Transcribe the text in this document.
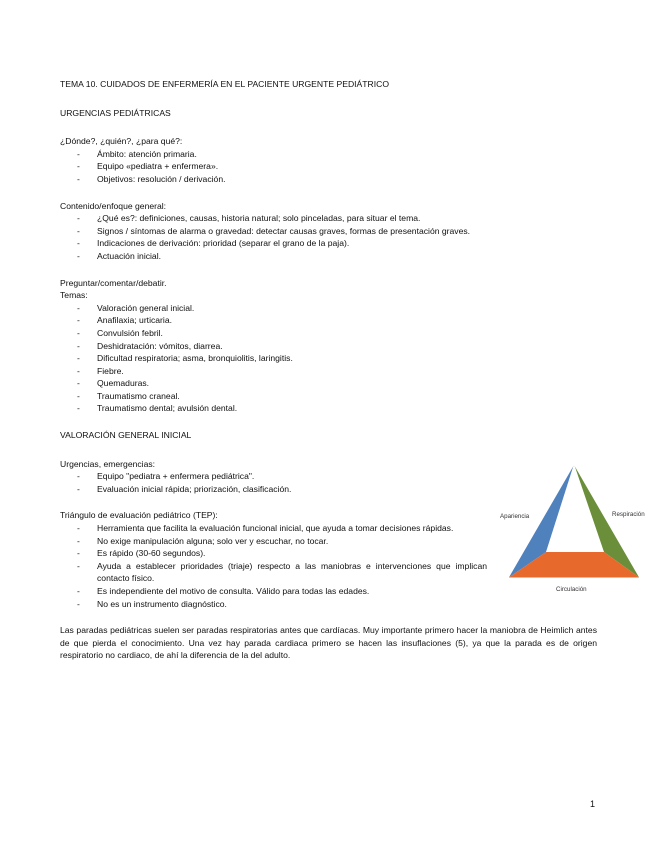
TEMA 10. CUIDADOS DE ENFERMERÍA EN EL PACIENTE URGENTE PEDIÁTRICO
URGENCIAS PEDIÁTRICAS
¿Dónde?, ¿quién?, ¿para qué?:
- Ámbito: atención primaria.
- Equipo «pediatra + enfermera».
- Objetivos: resolución / derivación.
Contenido/enfoque general:
- ¿Qué es?: definiciones, causas, historia natural; solo pinceladas, para situar el tema.
- Signos / síntomas de alarma o gravedad: detectar causas graves, formas de presentación graves.
- Indicaciones de derivación: prioridad (separar el grano de la paja).
- Actuación inicial.
Preguntar/comentar/debatir.
Temas:
- Valoración general inicial.
- Anafilaxia; urticaria.
- Convulsión febril.
- Deshidratación: vómitos, diarrea.
- Dificultad respiratoria; asma, bronquiolitis, laringitis.
- Fiebre.
- Quemaduras.
- Traumatismo craneal.
- Traumatismo dental; avulsión dental.
VALORACIÓN GENERAL INICIAL
Urgencias, emergencias:
- Equipo "pediatra + enfermera pediátrica".
- Evaluación inicial rápida; priorización, clasificación.
Triángulo de evaluación pediátrico (TEP):
- Herramienta que facilita la evaluación funcional inicial, que ayuda a tomar decisiones rápidas.
- No exige manipulación alguna; solo ver y escuchar, no tocar.
- Es rápido (30-60 segundos).
- Ayuda a establecer prioridades (triaje) respecto a las maniobras e intervenciones que implican contacto físico.
- Es independiente del motivo de consulta. Válido para todas las edades.
- No es un instrumento diagnóstico.

Las paradas pediátricas suelen ser paradas respiratorias antes que cardíacas. Muy importante primero hacer la maniobra de Heimlich antes de que pierda el conocimiento. Una vez hay parada cardiaca primero se hacen las insuflaciones (5), ya que la parada es de origen respiratorio no cardiaco, de ahí la diferencia de la del adulto.

Apariencia	Respiración
Circulación
1
